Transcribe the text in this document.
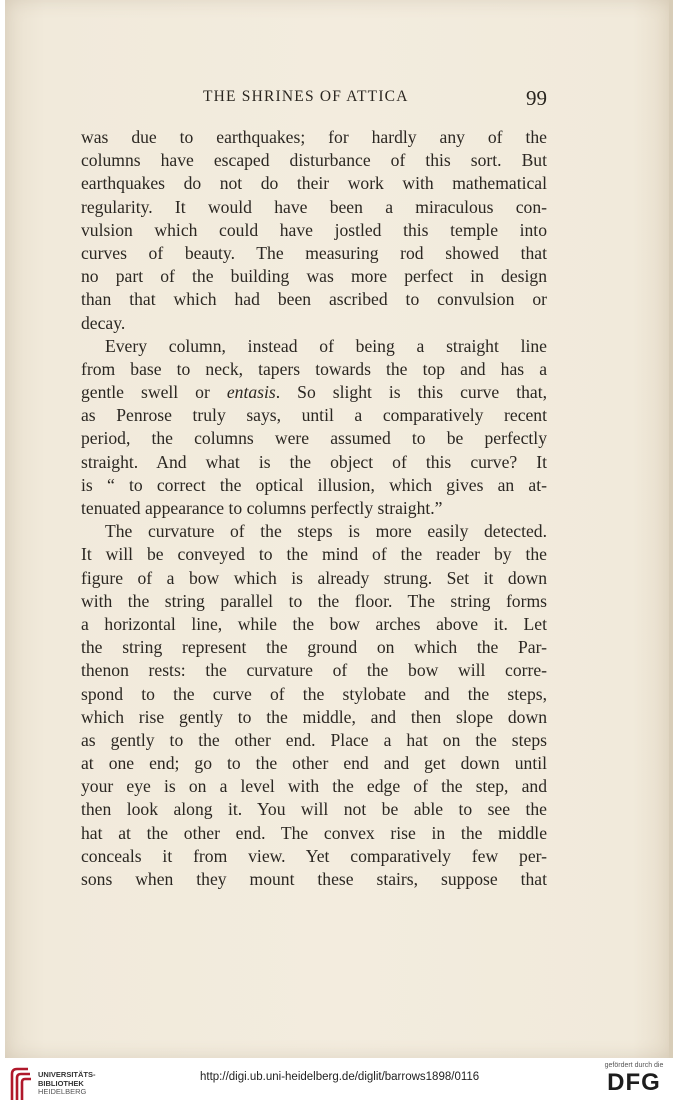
THE SHRINES OF ATTICA	99
was due to earthquakes; for hardly any of the
columns have escaped disturbance of this sort. But
earthquakes do not do their work with mathematical
regularity. It would have been a miraculous con-
vulsion which could have jostled this temple into
curves of beauty. The measuring rod showed that
no part of the building was more perfect in design
than that which had been ascribed to convulsion or
decay.
Every column, instead of being a straight line
from base to neck, tapers towards the top and has a
gentle swell or entasis. So slight is this curve that,
as Penrose truly says, until a comparatively recent
period, the columns were assumed to be perfectly
straight. And what is the object of this curve? It
is “ to correct the optical illusion, which gives an at-
tenuated appearance to columns perfectly straight.”
The curvature of the steps is more easily detected.
It will be conveyed to the mind of the reader by the
figure of a bow which is already strung. Set it down
with the string parallel to the floor. The string forms
a horizontal line, while the bow arches above it. Let
the string represent the ground on which the Par-
thenon rests: the curvature of the bow will corre-
spond to the curve of the stylobate and the steps,
which rise gently to the middle, and then slope down
as gently to the other end. Place a hat on the steps
at one end; go to the other end and get down until
your eye is on a level with the edge of the step, and
then look along it. You will not be able to see the
hat at the other end. The convex rise in the middle
conceals it from view. Yet comparatively few per-
sons when they mount these stairs, suppose that
UNIVERSITÄTS-
BIBLIOTHEK
HEIDELBERG
http://digi.ub.uni-heidelberg.de/diglit/barrows1898/0116
gefördert durch die
DFG
